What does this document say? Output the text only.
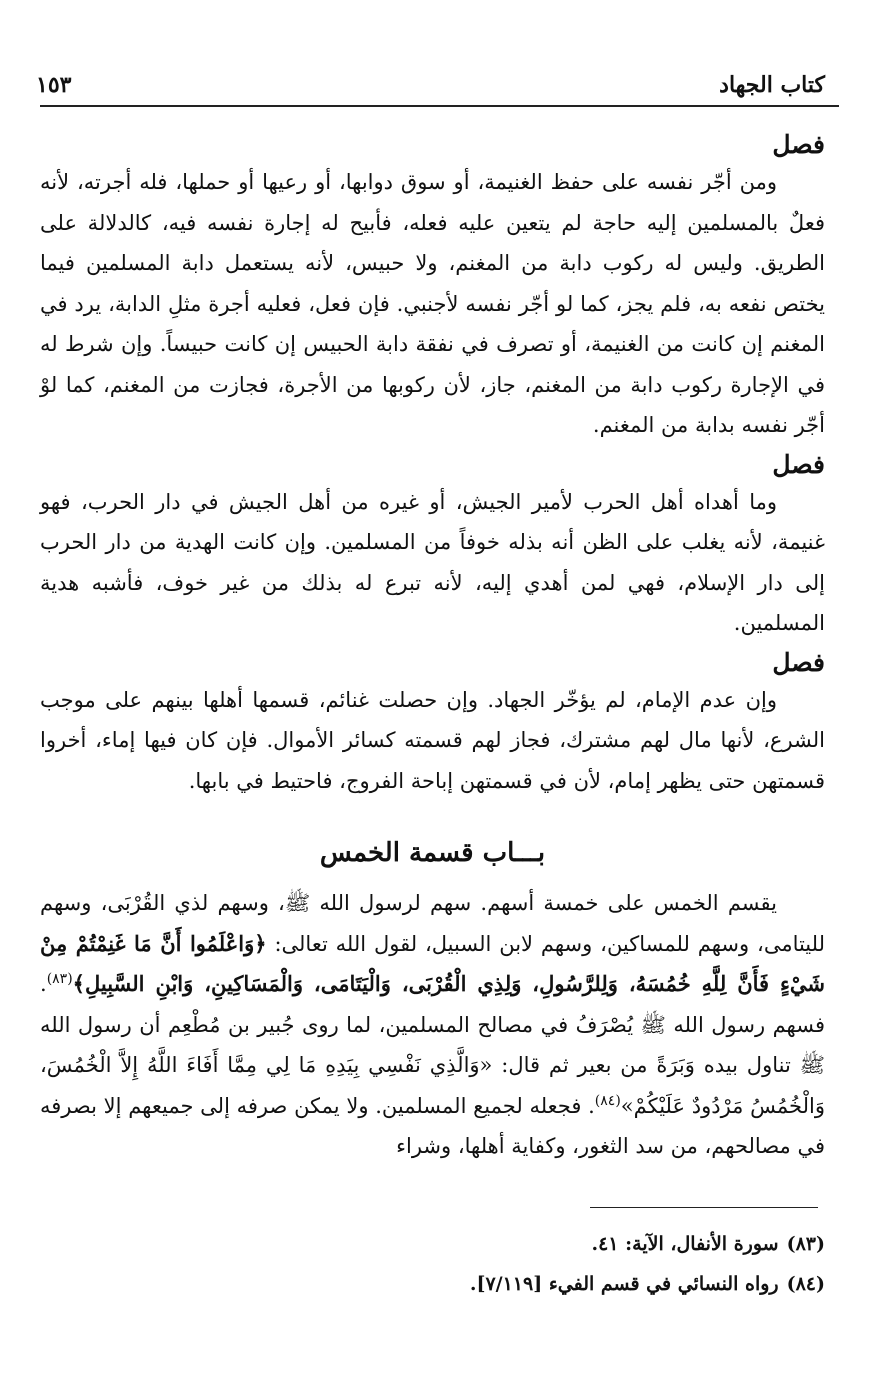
كتاب الجهاد
١٥٣
فصل

ومن أجّر نفسه على حفظ الغنيمة، أو سوق دوابها، أو رعيها أو حملها، فله أجرته، لأنه فعلٌ بالمسلمين إليه حاجة لم يتعين عليه فعله، فأبيح له إجارة نفسه فيه، كالدلالة على الطريق. وليس له ركوب دابة من المغنم، ولا حبيس، لأنه يستعمل دابة المسلمين فيما يختص نفعه به، فلم يجز، كما لو أجّر نفسه لأجنبي. فإن فعل، فعليه أجرة مثلِ الدابة، يرد في المغنم إن كانت من الغنيمة، أو تصرف في نفقة دابة الحبيس إن كانت حبيساً. وإن شرط له في الإجارة ركوب دابة من المغنم، جاز، لأن ركوبها من الأجرة، فجازت من المغنم، كما لوْ أجّر نفسه بدابة من المغنم.

فصل

وما أهداه أهل الحرب لأمير الجيش، أو غيره من أهل الجيش في دار الحرب، فهو غنيمة، لأنه يغلب على الظن أنه بذله خوفاً من المسلمين. وإن كانت الهدية من دار الحرب إلى دار الإسلام، فهي لمن أهدي إليه، لأنه تبرع له بذلك من غير خوف، فأشبه هدية المسلمين.

فصل

وإن عدم الإمام، لم يؤخّر الجهاد. وإن حصلت غنائم، قسمها أهلها بينهم على موجب الشرع، لأنها مال لهم مشترك، فجاز لهم قسمته كسائر الأموال. فإن كان فيها إماء، أخروا قسمتهن حتى يظهر إمام، لأن في قسمتهن إباحة الفروج، فاحتيط في بابها.

بـــاب قسمة الخمس

يقسم الخمس على خمسة أسهم. سهم لرسول الله ﷺ، وسهم لذي القُرْبَى، وسهم لليتامى، وسهم للمساكين، وسهم لابن السبيل، لقول الله تعالى: ﴿وَاعْلَمُوا أَنَّ مَا غَنِمْتُمْ مِنْ شَيْءٍ فَأَنَّ لِلَّهِ خُمُسَهُ، وَلِلرَّسُولِ، وَلِذِي الْقُرْبَى، وَالْيَتَامَى، وَالْمَسَاكِينِ، وَابْنِ السَّبِيلِ﴾$^{(٨٣)}$. فسهم رسول الله ﷺ يُصْرَفُ في مصالح المسلمين، لما روى جُبير بن مُطْعِم أن رسول الله ﷺ تناول بيده وَبَرَةً من بعير ثم قال: «وَالَّذِي نَفْسِي بِيَدِهِ مَا لِي مِمَّا أَفَاءَ اللَّهُ إِلاَّ الْخُمُسَ، وَالْخُمُسُ مَرْدُودٌ عَلَيْكُمْ»$^{(٨٤)}$. فجعله لجميع المسلمين. ولا يمكن صرفه إلى جميعهم إلا بصرفه في مصالحهم، من سد الثغور، وكفاية أهلها، وشراء

(٨٣)سورة الأنفال، الآية: ٤١.
(٨٤)رواه النسائي في قسم الفيء [٧/١١٩].
